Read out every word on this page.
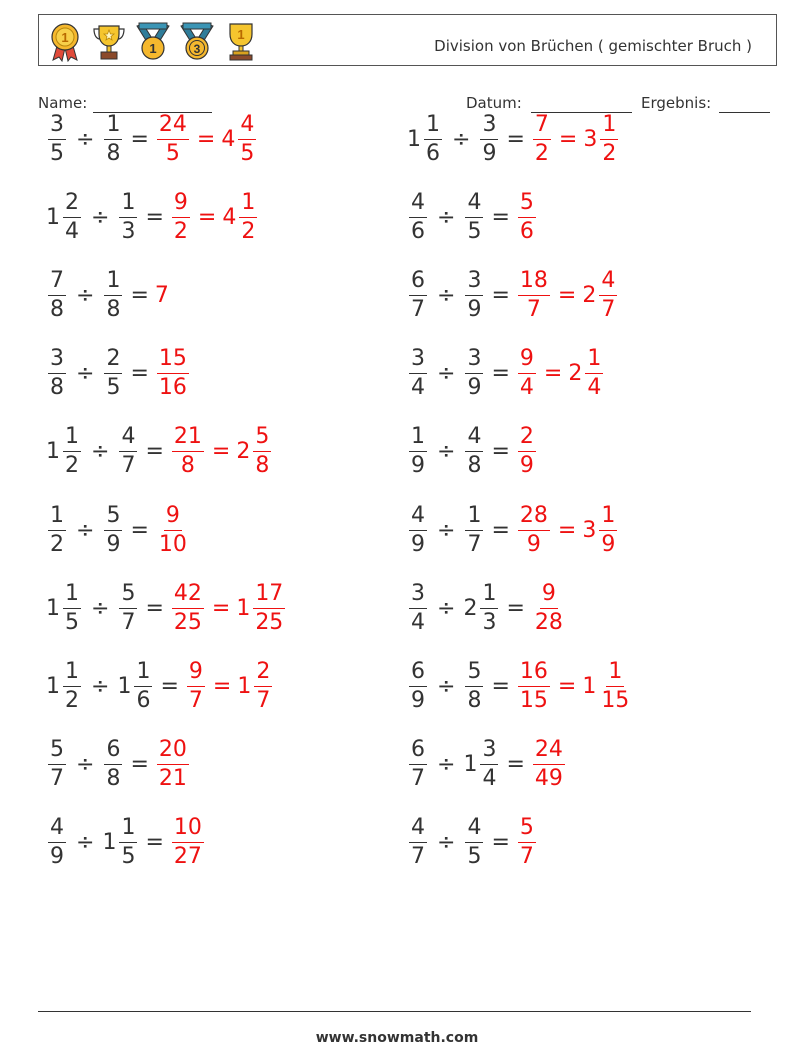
1
1	3
1
Division von Brüchen ( gemischter Bruch )
Name:	Datum:	Ergebnis:
$\frac{3}{5} \div \frac{1}{8} = \frac{24}{5} = 4 \frac{4}{5}$	$1 \frac{1}{6} \div \frac{3}{9} = \frac{7}{2} = 3 \frac{1}{2}$
$1 \frac{2}{4} \div \frac{1}{3} = \frac{9}{2} = 4 \frac{1}{2}$	$\frac{4}{6} \div \frac{4}{5} = \frac{5}{6}$
$\frac{7}{8} \div \frac{1}{8} = 7$	$\frac{6}{7} \div \frac{3}{9} = \frac{18}{7} = 2 \frac{4}{7}$
$\frac{3}{8} \div \frac{2}{5} = \frac{15}{16}$	$\frac{3}{4} \div \frac{3}{9} = \frac{9}{4} = 2 \frac{1}{4}$
$1 \frac{1}{2} \div \frac{4}{7} = \frac{21}{8} = 2 \frac{5}{8}$	$\frac{1}{9} \div \frac{4}{8} = \frac{2}{9}$
$\frac{1}{2} \div \frac{5}{9} = \frac{9}{10}$	$\frac{4}{9} \div \frac{1}{7} = \frac{28}{9} = 3 \frac{1}{9}$
$1 \frac{1}{5} \div \frac{5}{7} = \frac{42}{25} = 1 \frac{17}{25}$	$\frac{3}{4} \div 2 \frac{1}{3} = \frac{9}{28}$
$1 \frac{1}{2} \div 1 \frac{1}{6} = \frac{9}{7} = 1 \frac{2}{7}$	$\frac{6}{9} \div \frac{5}{8} = \frac{16}{15} = 1 \frac{1}{15}$
$\frac{5}{7} \div \frac{6}{8} = \frac{20}{21}$	$\frac{6}{7} \div 1 \frac{3}{4} = \frac{24}{49}$
$\frac{4}{9} \div 1 \frac{1}{5} = \frac{10}{27}$	$\frac{4}{7} \div \frac{4}{5} = \frac{5}{7}$
www.snowmath.com
